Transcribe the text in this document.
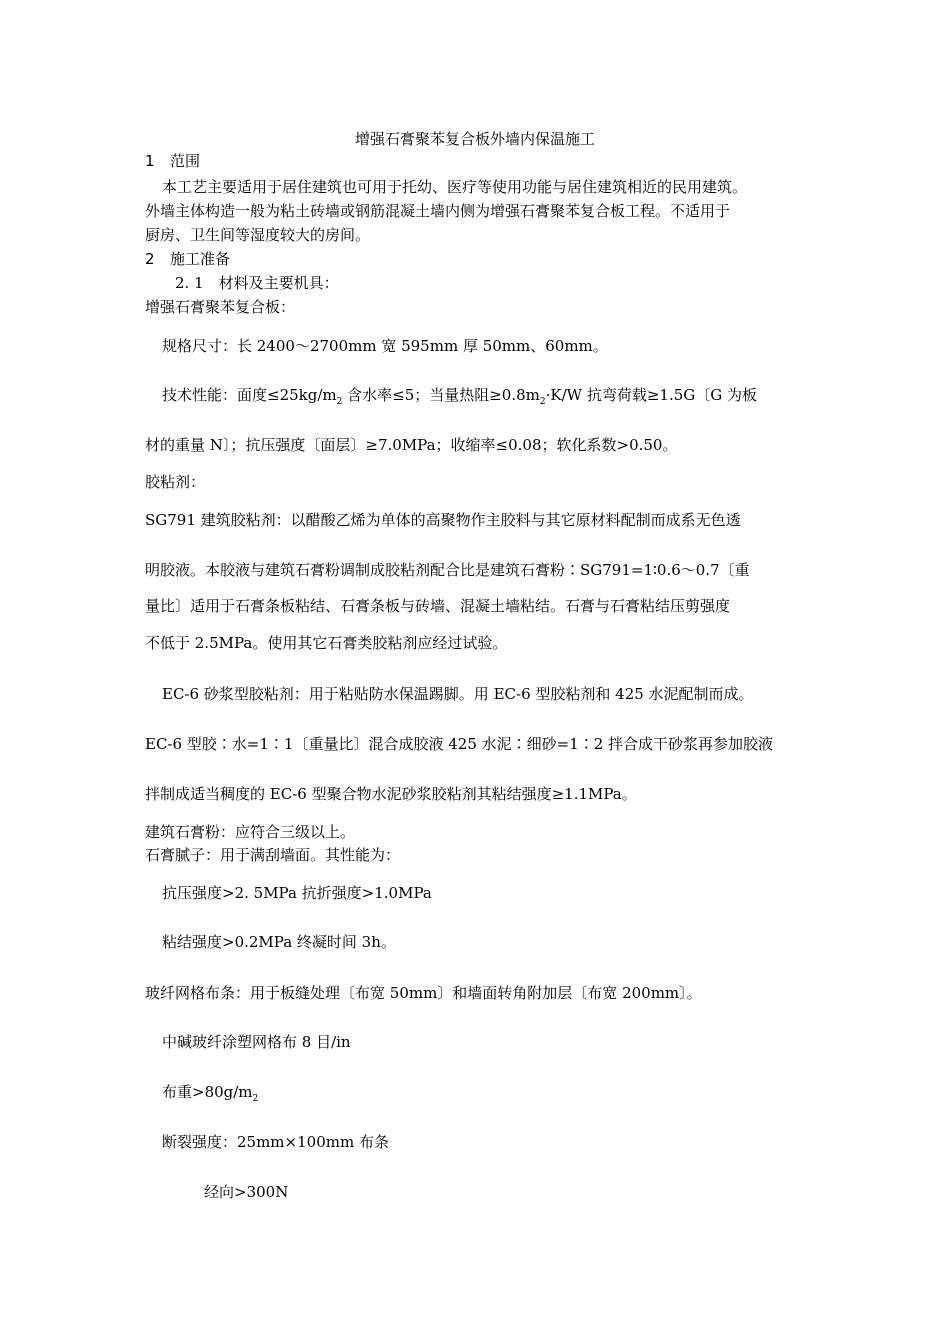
增强石膏聚苯复合板外墙内保温施工
1 范围
本工艺主要适用于居住建筑也可用于托幼、医疗等使用功能与居住建筑相近的民用建筑。
外墙主体构造一般为粘土砖墙或钢筋混凝土墙内侧为增强石膏聚苯复合板工程。不适用于
厨房、卫生间等湿度较大的房间。
2 施工准备
2. 1　材料及主要机具：
增强石膏聚苯复合板：
规格尺寸：长 2400～2700mm 宽 595mm 厚 50mm、60mm。
技术性能：面度$\le 25kg/m_2$ 含水率≤5；当量热阻$\ge 0.8m_2\cdot K/W$ 抗弯荷载≥1.5G〔G 为板
材的重量 N〕；抗压强度〔面层〕≥7.0MPa；收缩率≤0.08；软化系数>0.50。
胶粘剂：
SG791 建筑胶粘剂：以醋酸乙烯为单体的高聚物作主胶料与其它原材料配制而成系无色透
明胶液。本胶液与建筑石膏粉调制成胶粘剂配合比是建筑石膏粉∶SG791=1∶0.6～0.7〔重
量比〕适用于石膏条板粘结、石膏条板与砖墙、混凝土墙粘结。石膏与石膏粘结压剪强度
不低于 2.5MPa。使用其它石膏类胶粘剂应经过试验。
EC-6 砂浆型胶粘剂：用于粘贴防水保温踢脚。用 EC-6 型胶粘剂和 425 水泥配制而成。
EC-6 型胶∶水=1∶1〔重量比〕混合成胶液 425 水泥∶细砂=1∶2 拌合成干砂浆再参加胶液
拌制成适当稠度的 EC-6 型聚合物水泥砂浆胶粘剂其粘结强度≥1.1MPa。
建筑石膏粉：应符合三级以上。
石膏腻子：用于满刮墙面。其性能为：
抗压强度>2. 5MPa 抗折强度>1.0MPa
粘结强度>0.2MPa 终凝时间 3h。
玻纤网格布条：用于板缝处理〔布宽 50mm〕和墙面转角附加层〔布宽 200mm〕。
中碱玻纤涂塑网格布 8 目/in
布重$>80g/m_2$
断裂强度：25mm×100mm 布条
经向>300N
